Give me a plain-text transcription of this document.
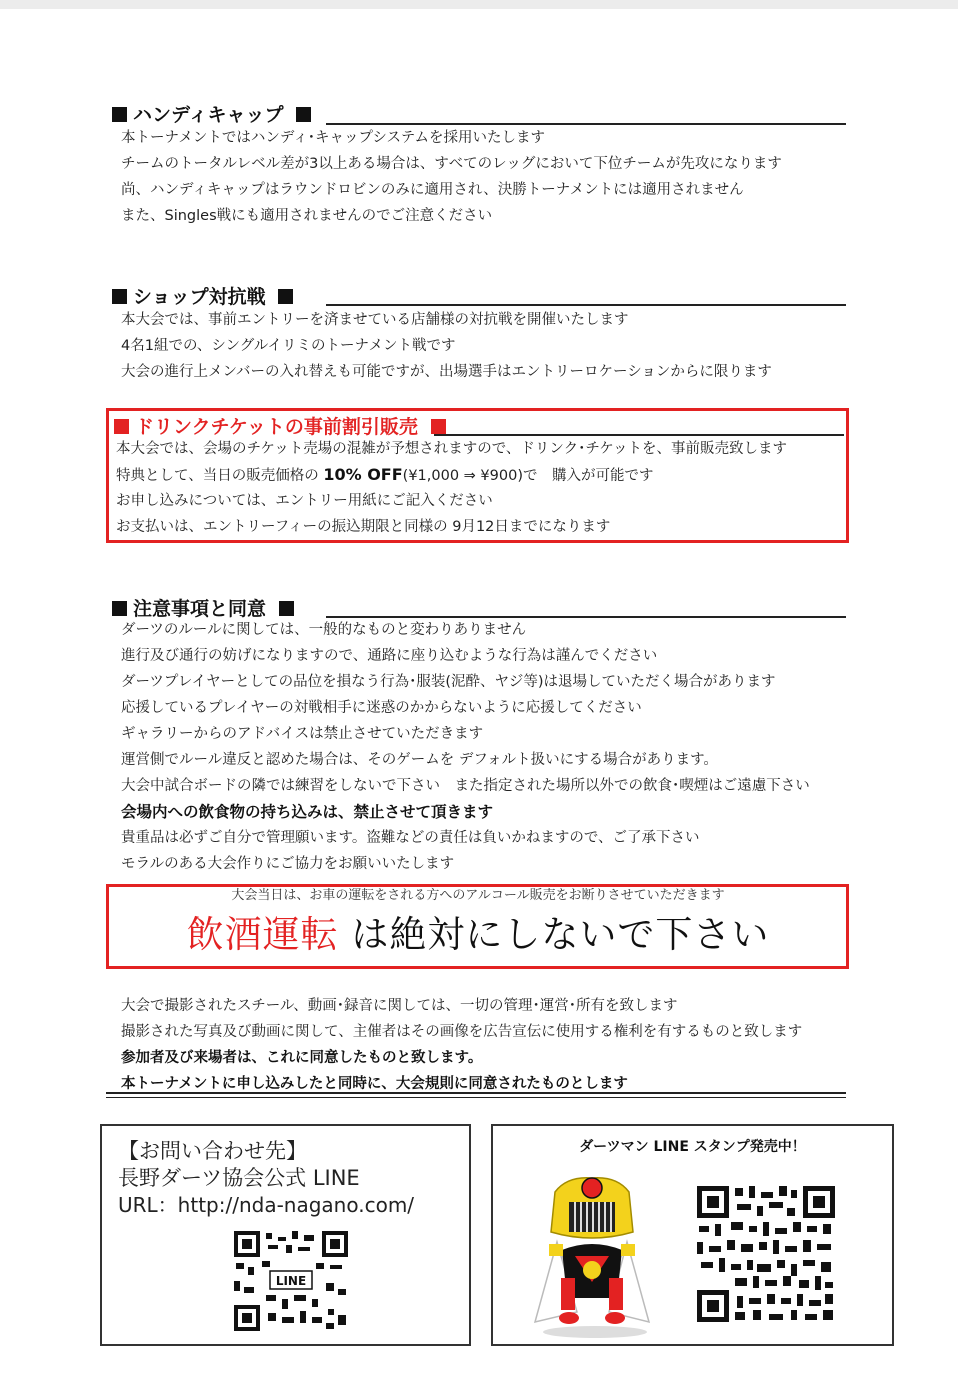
ハンディキャップ
本トーナメントではハンディ･キャップシステムを採用いたします
チームのトータルレベル差が3以上ある場合は、すべてのレッグにおいて下位チームが先攻になります
尚、ハンディキャップはラウンドロビンのみに適用され、決勝トーナメントには適用されません
また、Singles戦にも適用されませんのでご注意ください
ショップ対抗戦
本大会では、事前エントリーを済ませている店舗様の対抗戦を開催いたします
4名1組での、シングルイリミのトーナメント戦です
大会の進行上メンバーの入れ替えも可能ですが、出場選手はエントリーロケーションからに限ります
ドリンクチケットの事前割引販売
本大会では、会場のチケット売場の混雑が予想されますので、ドリンク･チケットを、事前販売致します
特典として、当日の販売価格の 10% OFF(¥1,000 ⇒ ¥900)で　購入が可能です
お申し込みについては、エントリー用紙にご記入ください
お支払いは、エントリーフィーの振込期限と同様の 9月12日までになります
注意事項と同意
ダーツのルールに関しては、一般的なものと変わりありません
進行及び通行の妨げになりますので、通路に座り込むような行為は謹んでください
ダーツプレイヤーとしての品位を損なう行為･服装(泥酔、ヤジ等)は退場していただく場合があります
応援しているプレイヤーの対戦相手に迷惑のかからないように応援してください
ギャラリーからのアドバイスは禁止させていただきます
運営側でルール違反と認めた場合は、そのゲームを デフォルト扱いにする場合があります。
大会中試合ボードの隣では練習をしないで下さい　また指定された場所以外での飲食･喫煙はご遠慮下さい
会場内への飲食物の持ち込みは、禁止させて頂きます
貴重品は必ずご自分で管理願います。盗難などの責任は負いかねますので、ご了承下さい
モラルのある大会作りにご協力をお願いいたします
大会当日は、お車の運転をされる方へのアルコール販売をお断りさせていただきます
飲酒運転 は絶対にしないで下さい
大会で撮影されたスチール、動画･録音に関しては、一切の管理･運営･所有を致します
撮影された写真及び動画に関して、主催者はその画像を広告宣伝に使用する権利を有するものと致します
参加者及び来場者は、これに同意したものと致します。
本トーナメントに申し込みしたと同時に、大会規則に同意されたものとします
【お問い合わせ先】
長野ダーツ協会公式 LINE
URL：http://nda-nagano.com/
LINE
ダーツマン LINE スタンプ発売中！
